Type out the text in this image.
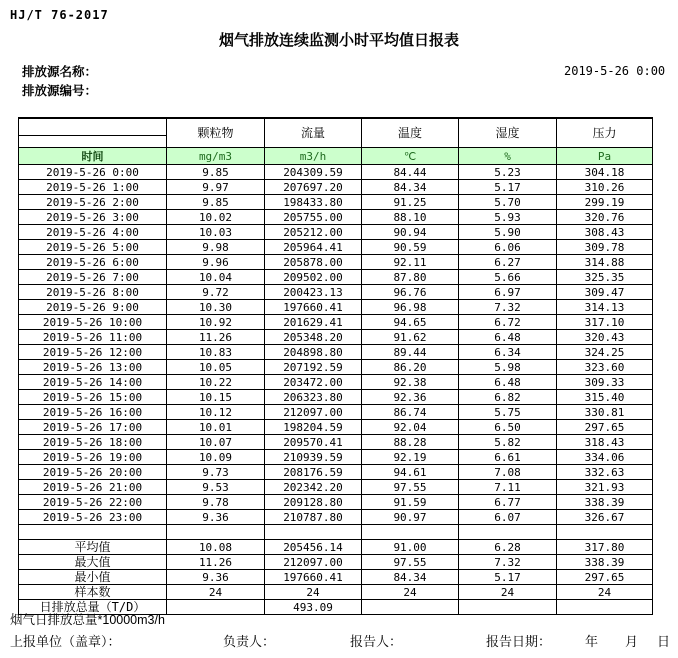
HJ/T 76-2017
烟气排放连续监测小时平均值日报表
排放源名称：	2019-5-26 0:00
排放源编号：
	颗粒物	流量	温度	湿度	压力

时间	mg/m3	m3/h	℃	%	Pa
2019-5-26 0:00	9.85	204309.59	84.44	5.23	304.18
2019-5-26 1:00	9.97	207697.20	84.34	5.17	310.26
2019-5-26 2:00	9.85	198433.80	91.25	5.70	299.19
2019-5-26 3:00	10.02	205755.00	88.10	5.93	320.76
2019-5-26 4:00	10.03	205212.00	90.94	5.90	308.43
2019-5-26 5:00	9.98	205964.41	90.59	6.06	309.78
2019-5-26 6:00	9.96	205878.00	92.11	6.27	314.88
2019-5-26 7:00	10.04	209502.00	87.80	5.66	325.35
2019-5-26 8:00	9.72	200423.13	96.76	6.97	309.47
2019-5-26 9:00	10.30	197660.41	96.98	7.32	314.13
2019-5-26 10:00	10.92	201629.41	94.65	6.72	317.10
2019-5-26 11:00	11.26	205348.20	91.62	6.48	320.43
2019-5-26 12:00	10.83	204898.80	89.44	6.34	324.25
2019-5-26 13:00	10.05	207192.59	86.20	5.98	323.60
2019-5-26 14:00	10.22	203472.00	92.38	6.48	309.33
2019-5-26 15:00	10.15	206323.80	92.36	6.82	315.40
2019-5-26 16:00	10.12	212097.00	86.74	5.75	330.81
2019-5-26 17:00	10.01	198204.59	92.04	6.50	297.65
2019-5-26 18:00	10.07	209570.41	88.28	5.82	318.43
2019-5-26 19:00	10.09	210939.59	92.19	6.61	334.06
2019-5-26 20:00	9.73	208176.59	94.61	7.08	332.63
2019-5-26 21:00	9.53	202342.20	97.55	7.11	321.93
2019-5-26 22:00	9.78	209128.80	91.59	6.77	338.39
2019-5-26 23:00	9.36	210787.80	90.97	6.07	326.67

平均值	10.08	205456.14	91.00	6.28	317.80
最大值	11.26	212097.00	97.55	7.32	338.39
最小值	9.36	197660.41	84.34	5.17	297.65
样本数	24	24	24	24	24
日排放总量（T/D）		493.09			
烟气日排放总量*10000m3/h
上报单位（盖章）：	负责人：	报告人：	报告日期：	年 月 日
